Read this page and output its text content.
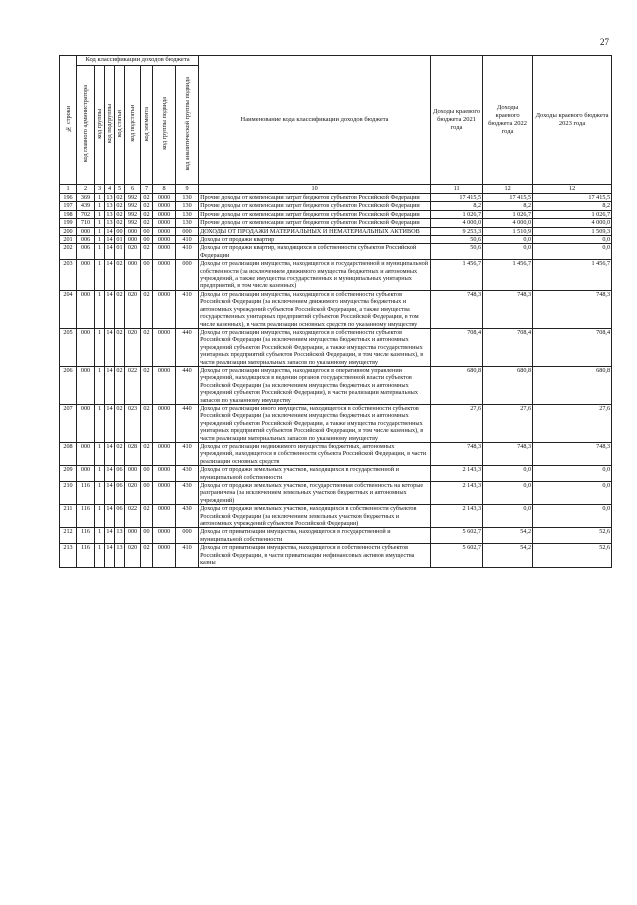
27
№ строки	Код классификации доходов бюджета								Наименование кода классификации доходов бюджета	Доходы краевого бюджета 2021 года	Доходы краевого бюджета 2022 года	Доходы краевого бюджета 2023 года
	код главного администратора	код группы	код подгруппы	код статьи	код подстатьи	код элемента	код группы подвида	код аналитической группы подвида				
1	2	3	4	5	6	7	8	9	10	11	12	12
196	369	1	13	02	992	02	0000	130	Прочие доходы от компенсации затрат бюджетов субъектов Российской Федерации	17 415,5	17 415,5	17 415,5
197	439	1	13	02	992	02	0000	130	Прочие доходы от компенсации затрат бюджетов субъектов Российской Федерации	8,2	8,2	8,2
198	702	1	13	02	992	02	0000	130	Прочие доходы от компенсации затрат бюджетов субъектов Российской Федерации	1 026,7	1 026,7	1 026,7
199	710	1	13	02	992	02	0000	130	Прочие доходы от компенсации затрат бюджетов субъектов Российской Федерации	4 000,0	4 000,0	4 000,0
200	000	1	14	00	000	00	0000	000	ДОХОДЫ ОТ ПРОДАЖИ МАТЕРИАЛЬНЫХ И НЕМАТЕРИАЛЬНЫХ АКТИВОВ	9 253,3	1 510,9	1 509,3
201	006	1	14	01	000	00	0000	410	Доходы от продажи квартир	50,6	0,0	0,0
202	006	1	14	01	020	02	0000	410	Доходы от продажи квартир, находящихся в собственности субъектов Российской Федерации	50,6	0,0	0,0
203	000	1	14	02	000	00	0000	000	Доходы от реализации имущества, находящегося в государственной и муниципальной собственности (за исключением движимого имущества бюджетных и автономных учреждений, а также имущества государственных и муниципальных унитарных предприятий, в том числе казенных)	1 456,7	1 456,7	1 456,7
204	000	1	14	02	020	02	0000	410	Доходы от реализации имущества, находящегося в собственности субъектов Российской Федерации (за исключением движимого имущества бюджетных и автономных учреждений субъектов Российской Федерации, а также имущества государственных унитарных предприятий субъектов Российской Федерации, в том числе казенных), в части реализации основных средств по указанному имуществу	748,3	748,3	748,3
205	000	1	14	02	020	02	0000	440	Доходы от реализации имущества, находящегося в собственности субъектов Российской Федерации (за исключением имущества бюджетных и автономных учреждений субъектов Российской Федерации, а также имущества государственных унитарных предприятий субъектов Российской Федерации, в том числе казенных), в части реализации материальных запасов по указанному имуществу	708,4	708,4	708,4
206	000	1	14	02	022	02	0000	440	Доходы от реализации имущества, находящегося в оперативном управлении учреждений, находящихся в ведении органов государственной власти субъектов Российской Федерации (за исключением имущества бюджетных и автономных учреждений субъектов Российской Федерации), в части реализации материальных запасов по указанному имуществу	680,8	680,8	680,8
207	000	1	14	02	023	02	0000	440	Доходы от реализации иного имущества, находящегося в собственности субъектов Российской Федерации (за исключением имущества бюджетных и автономных учреждений субъектов Российской Федерации, а также имущества государственных унитарных предприятий субъектов Российской Федерации, в том числе казенных), в части реализации материальных запасов по указанному имуществу	27,6	27,6	27,6
208	000	1	14	02	028	02	0000	410	Доходы от реализации недвижимого имущества бюджетных, автономных учреждений, находящегося в собственности субъекта Российской Федерации, в части реализации основных средств	748,3	748,3	748,3
209	000	1	14	06	000	00	0000	430	Доходы от продажи земельных участков, находящихся в государственной и муниципальной собственности	2 143,3	0,0	0,0
210	116	1	14	06	020	00	0000	430	Доходы от продажи земельных участков, государственная собственность на которые разграничена (за исключением земельных участков бюджетных и автономных учреждений)	2 143,3	0,0	0,0
211	116	1	14	06	022	02	0000	430	Доходы от продажи земельных участков, находящихся в собственности субъектов Российской Федерации (за исключением земельных участков бюджетных и автономных учреждений субъектов Российской Федерации)	2 143,3	0,0	0,0
212	116	1	14	13	000	00	0000	000	Доходы от приватизации имущества, находящегося в государственной и муниципальной собственности	5 602,7	54,2	52,6
213	116	1	14	13	020	02	0000	410	Доходы от приватизации имущества, находящегося в собственности субъектов Российской Федерации, в части приватизации нефинансовых активов имущества казны	5 602,7	54,2	52,6
